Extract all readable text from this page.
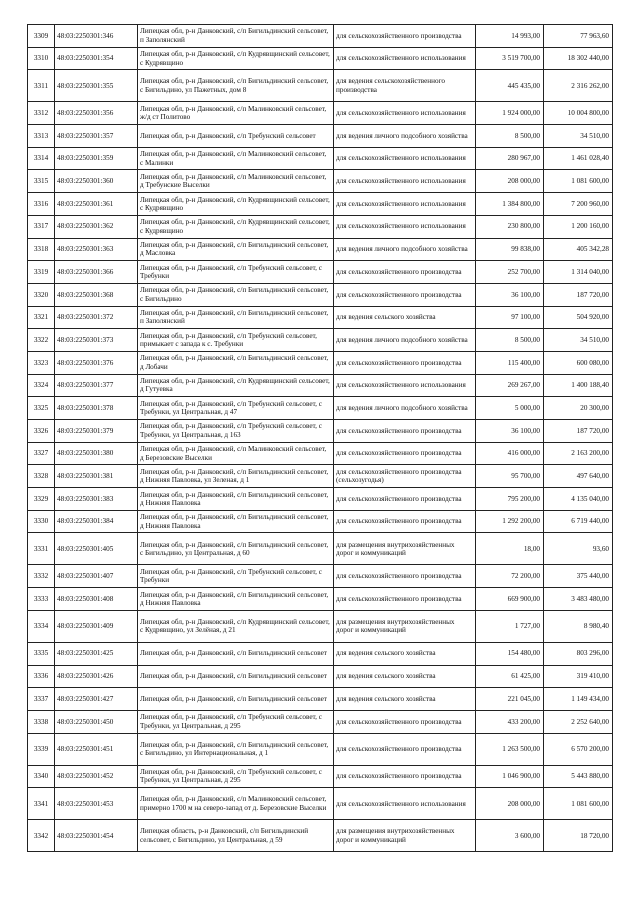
3309	48:03:2250301:346	Липецкая обл, р-н Данковский, с/п Бигильдинский сельсовет, п Заполянский	для сельскохозяйственного производства	14 993,00	77 963,60
3310	48:03:2250301:354	Липецкая обл, р-н Данковский, с/п Кудрявщинский сельсовет, с Кудрявщино	для сельскохозяйственного использования	3 519 700,00	18 302 440,00
3311	48:03:2250301:355	Липецкая обл, р-н Данковский, с/п Бигильдинский сельсовет, с Бигильдино, ул Пажетных, дом 8	для ведения сельскохозяйственного производства	445 435,00	2 316 262,00
3312	48:03:2250301:356	Липецкая обл, р-н Данковский, с/п Малинковский сельсовет, ж/д ст Политово	для сельскохозяйственного использования	1 924 000,00	10 004 800,00
3313	48:03:2250301:357	Липецкая обл, р-н Данковский, с/п Требунский сельсовет	для ведения личного подсобного хозяйства	8 500,00	34 510,00
3314	48:03:2250301:359	Липецкая обл, р-н Данковский, с/п Малинковский сельсовет, с Малинки	для сельскохозяйственного использования	280 967,00	1 461 028,40
3315	48:03:2250301:360	Липецкая обл, р-н Данковский, с/п Малинковский сельсовет, д Требунские Выселки	для сельскохозяйственного использования	208 000,00	1 081 600,00
3316	48:03:2250301:361	Липецкая обл, р-н Данковский, с/п Кудрявщинский сельсовет, с Кудрявщино	для сельскохозяйственного использования	1 384 800,00	7 200 960,00
3317	48:03:2250301:362	Липецкая обл, р-н Данковский, с/п Кудрявщинский сельсовет, с Кудрявщино	для сельскохозяйственного использования	230 800,00	1 200 160,00
3318	48:03:2250301:363	Липецкая обл, р-н Данковский, с/п Бигильдинский сельсовет, д Масловка	для ведения личного подсобного хозяйства	99 838,00	405 342,28
3319	48:03:2250301:366	Липецкая обл, р-н Данковский, с/п Требунский сельсовет, с Требунки	для сельскохозяйственного производства	252 700,00	1 314 040,00
3320	48:03:2250301:368	Липецкая обл, р-н Данковский, с/п Бигильдинский сельсовет, с Бигильдино	для сельскохозяйственного производства	36 100,00	187 720,00
3321	48:03:2250301:372	Липецкая обл, р-н Данковский, с/п Бигильдинский сельсовет, п Заполянский	для ведения сельского хозяйства	97 100,00	504 920,00
3322	48:03:2250301:373	Липецкая обл, р-н Данковский, с/п Требунский сельсовет, примыкает с запада к с. Требунки	для ведения личного подсобного хозяйства	8 500,00	34 510,00
3323	48:03:2250301:376	Липецкая обл, р-н Данковский, с/п Бигильдинский сельсовет, д Лобачи	для сельскохозяйственного производства	115 400,00	600 080,00
3324	48:03:2250301:377	Липецкая обл, р-н Данковский, с/п Кудрявщинский сельсовет, д Гутуевка	для сельскохозяйственного использования	269 267,00	1 400 188,40
3325	48:03:2250301:378	Липецкая обл, р-н Данковский, с/п Требунский сельсовет, с Требунки, ул Центральная, д 47	для ведения личного подсобного хозяйства	5 000,00	20 300,00
3326	48:03:2250301:379	Липецкая обл, р-н Данковский, с/п Требунский сельсовет, с Требунки, ул Центральная, д 163	для сельскохозяйственного производства	36 100,00	187 720,00
3327	48:03:2250301:380	Липецкая обл, р-н Данковский, с/п Малинковский сельсовет, д Березовские Выселки	для сельскохозяйственного производства	416 000,00	2 163 200,00
3328	48:03:2250301:381	Липецкая обл, р-н Данковский, с/п Бигильдинский сельсовет, д Нижняя Павловка, ул Зеленая, д 1	для сельскохозяйственного производства (сельхозугодья)	95 700,00	497 640,00
3329	48:03:2250301:383	Липецкая обл, р-н Данковский, с/п Бигильдинский сельсовет, д Нижняя Павловка	для сельскохозяйственного производства	795 200,00	4 135 040,00
3330	48:03:2250301:384	Липецкая обл, р-н Данковский, с/п Бигильдинский сельсовет, д Нижняя Павловка	для сельскохозяйственного производства	1 292 200,00	6 719 440,00
3331	48:03:2250301:405	Липецкая обл, р-н Данковский, с/п Бигильдинский сельсовет, с Бигильдино, ул Центральная, д 60	для размещения внутрихозяйственных дорог и коммуникаций	18,00	93,60
3332	48:03:2250301:407	Липецкая обл, р-н Данковский, с/п Требунский сельсовет, с Требунки	для сельскохозяйственного производства	72 200,00	375 440,00
3333	48:03:2250301:408	Липецкая обл, р-н Данковский, с/п Бигильдинский сельсовет, д Нижняя Павловка	для сельскохозяйственного производства	669 900,00	3 483 480,00
3334	48:03:2250301:409	Липецкая обл, р-н Данковский, с/п Кудрявщинский сельсовет, с Кудрявщино, ул Зелёная, д 21	для размещения внутрихозяйственных дорог и коммуникаций	1 727,00	8 980,40
3335	48:03:2250301:425	Липецкая обл, р-н Данковский, с/п Бигильдинский сельсовет	для ведения сельского хозяйства	154 480,00	803 296,00
3336	48:03:2250301:426	Липецкая обл, р-н Данковский, с/п Бигильдинский сельсовет	для ведения сельского хозяйства	61 425,00	319 410,00
3337	48:03:2250301:427	Липецкая обл, р-н Данковский, с/п Бигильдинский сельсовет	для ведения сельского хозяйства	221 045,00	1 149 434,00
3338	48:03:2250301:450	Липецкая обл, р-н Данковский, с/п Требунский сельсовет, с Требунки, ул Центральная, д 295	для сельскохозяйственного производства	433 200,00	2 252 640,00
3339	48:03:2250301:451	Липецкая обл, р-н Данковский, с/п Бигильдинский сельсовет, с Бигильдино, ул Интернациональная, д 1	для сельскохозяйственного производства	1 263 500,00	6 570 200,00
3340	48:03:2250301:452	Липецкая обл, р-н Данковский, с/п Требунский сельсовет, с Требунки, ул Центральная, д 295	для сельскохозяйственного производства	1 046 900,00	5 443 880,00
3341	48:03:2250301:453	Липецкая обл, р-н Данковский, с/п Малинковский сельсовет, примерно 1700 м на северо-запад от д. Березовские Выселки	для сельскохозяйственного использования	208 000,00	1 081 600,00
3342	48:03:2250301:454	Липецкая область, р-н Данковский, с/п Бигильдинский сельсовет, с Бигильдино, ул Центральная, д 59	для размещения внутрихозяйственных дорог и коммуникаций	3 600,00	18 720,00
